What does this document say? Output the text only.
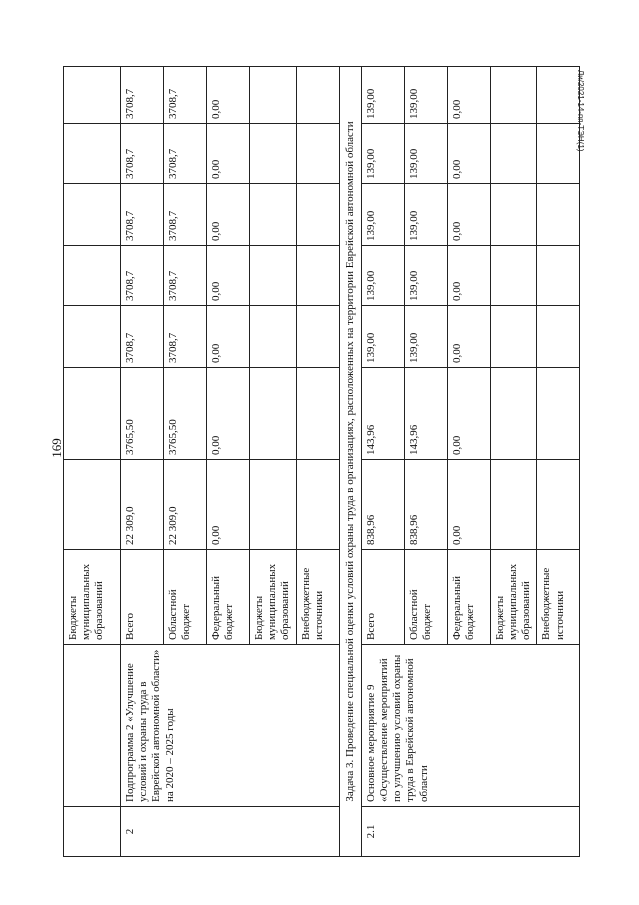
169
Ли/2021-14-пп-ТЭН(1)
		Бюджеты муниципальных образований							
2	Подпрограмма 2 «Улучшение условий и охраны труда в Еврейской автономной области» на 2020 – 2025 годы	Всего	22 309,0	3765,50	3708,7	3708,7	3708,7	3708,7	3708,7
		Областной бюджет	22 309,0	3765,50	3708,7	3708,7	3708,7	3708,7	3708,7
		Федеральный бюджет	0,00	0,00	0,00	0,00	0,00	0,00	0,00
		Бюджеты муниципальных образований							
		Внебюджетные источники							
Задача 3. Проведение специальной оценки условий охраны труда в организациях, расположенных на территории Еврейской автономной области									
2.1	Основное мероприятие 9 «Осуществление мероприятий по улучшению условий охраны труда в Еврейской автономной области	Всего	838,96	143,96	139,00	139,00	139,00	139,00	139,00
		Областной бюджет	838,96	143,96	139,00	139,00	139,00	139,00	139,00
		Федеральный бюджет	0,00	0,00	0,00	0,00	0,00	0,00	0,00
		Бюджеты муниципальных образований							
		Внебюджетные источники							
